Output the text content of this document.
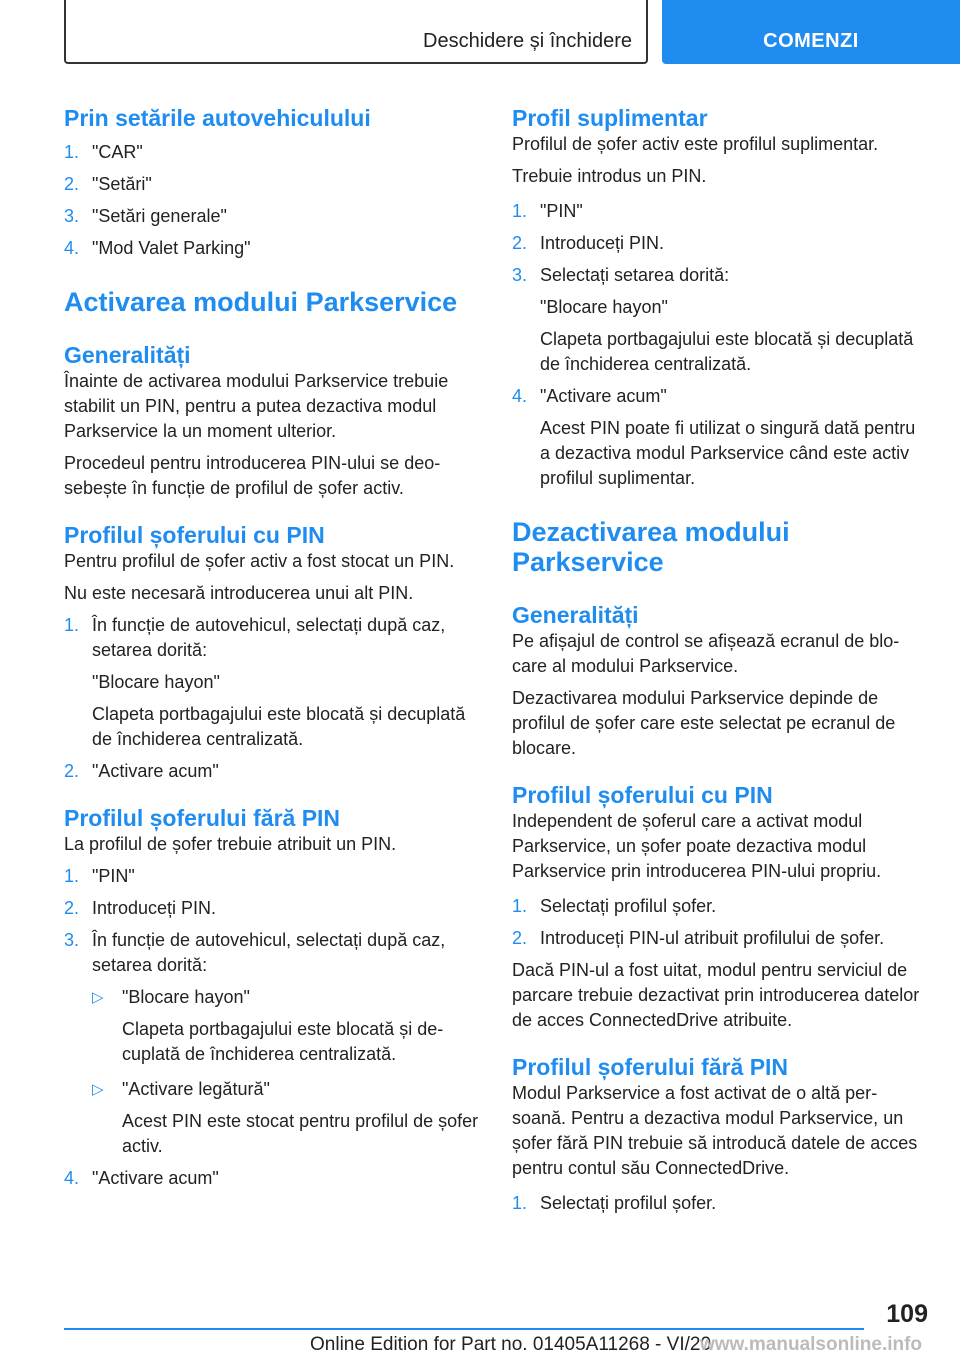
Deschidere și închidere	COMENZI
Prin setările autovehiculului
1. "CAR"
2. "Setări"
3. "Setări generale"
4. "Mod Valet Parking"
Activarea modului Parkservice
Generalități

Înainte de activarea modului Parkservice trebuie stabilit un PIN, pentru a putea dezactiva modul Parkservice la un moment ulterior.

Procedeul pentru introducerea PIN-ului se deosebește în funcție de profilul de șofer activ.

Profilul șoferului cu PIN

Pentru profilul de șofer activ a fost stocat un PIN.

Nu este necesară introducerea unui alt PIN.

1. În funcție de autovehicul, selectați după caz, setarea dorită:
"Blocare hayon"
Clapeta portbagajului este blocată și decuplată de închiderea centralizată.
2. "Activare acum"
Profilul șoferului fără PIN

La profilul de șofer trebuie atribuit un PIN.

1. "PIN"
2. Introduceți PIN.
3. În funcție de autovehicul, selectați după caz, setarea dorită:
▷ "Blocare hayon"
Clapeta portbagajului este blocată și decuplată de închiderea centralizată.
▷ "Activare legătură"
Acest PIN este stocat pentru profilul de șofer activ.
4. "Activare acum"
Profil suplimentar

Profilul de șofer activ este profilul suplimentar.

Trebuie introdus un PIN.

1. "PIN"
2. Introduceți PIN.
3. Selectați setarea dorită:
"Blocare hayon"
Clapeta portbagajului este blocată și decuplată de închiderea centralizată.
4. "Activare acum"
Acest PIN poate fi utilizat o singură dată pentru a dezactiva modul Parkservice când este activ profilul suplimentar.
Dezactivarea modului Parkservice
Generalități

Pe afișajul de control se afișează ecranul de blocare al modului Parkservice.

Dezactivarea modului Parkservice depinde de profilul de șofer care este selectat pe ecranul de blocare.

Profilul șoferului cu PIN

Independent de șoferul care a activat modul Parkservice, un șofer poate dezactiva modul Parkservice prin introducerea PIN-ului propriu.

1. Selectați profilul șofer.
2. Introduceți PIN-ul atribuit profilului de șofer.

Dacă PIN-ul a fost uitat, modul pentru serviciul de parcare trebuie dezactivat prin introducerea datelor de acces ConnectedDrive atribuite.

Profilul șoferului fără PIN

Modul Parkservice a fost activat de o altă persoană. Pentru a dezactiva modul Parkservice, un șofer fără PIN trebuie să introducă datele de acces pentru contul său ConnectedDrive.

1. Selectați profilul șofer.
109
Online Edition for Part no. 01405A11268 - VI/20
www.manualsonline.info
